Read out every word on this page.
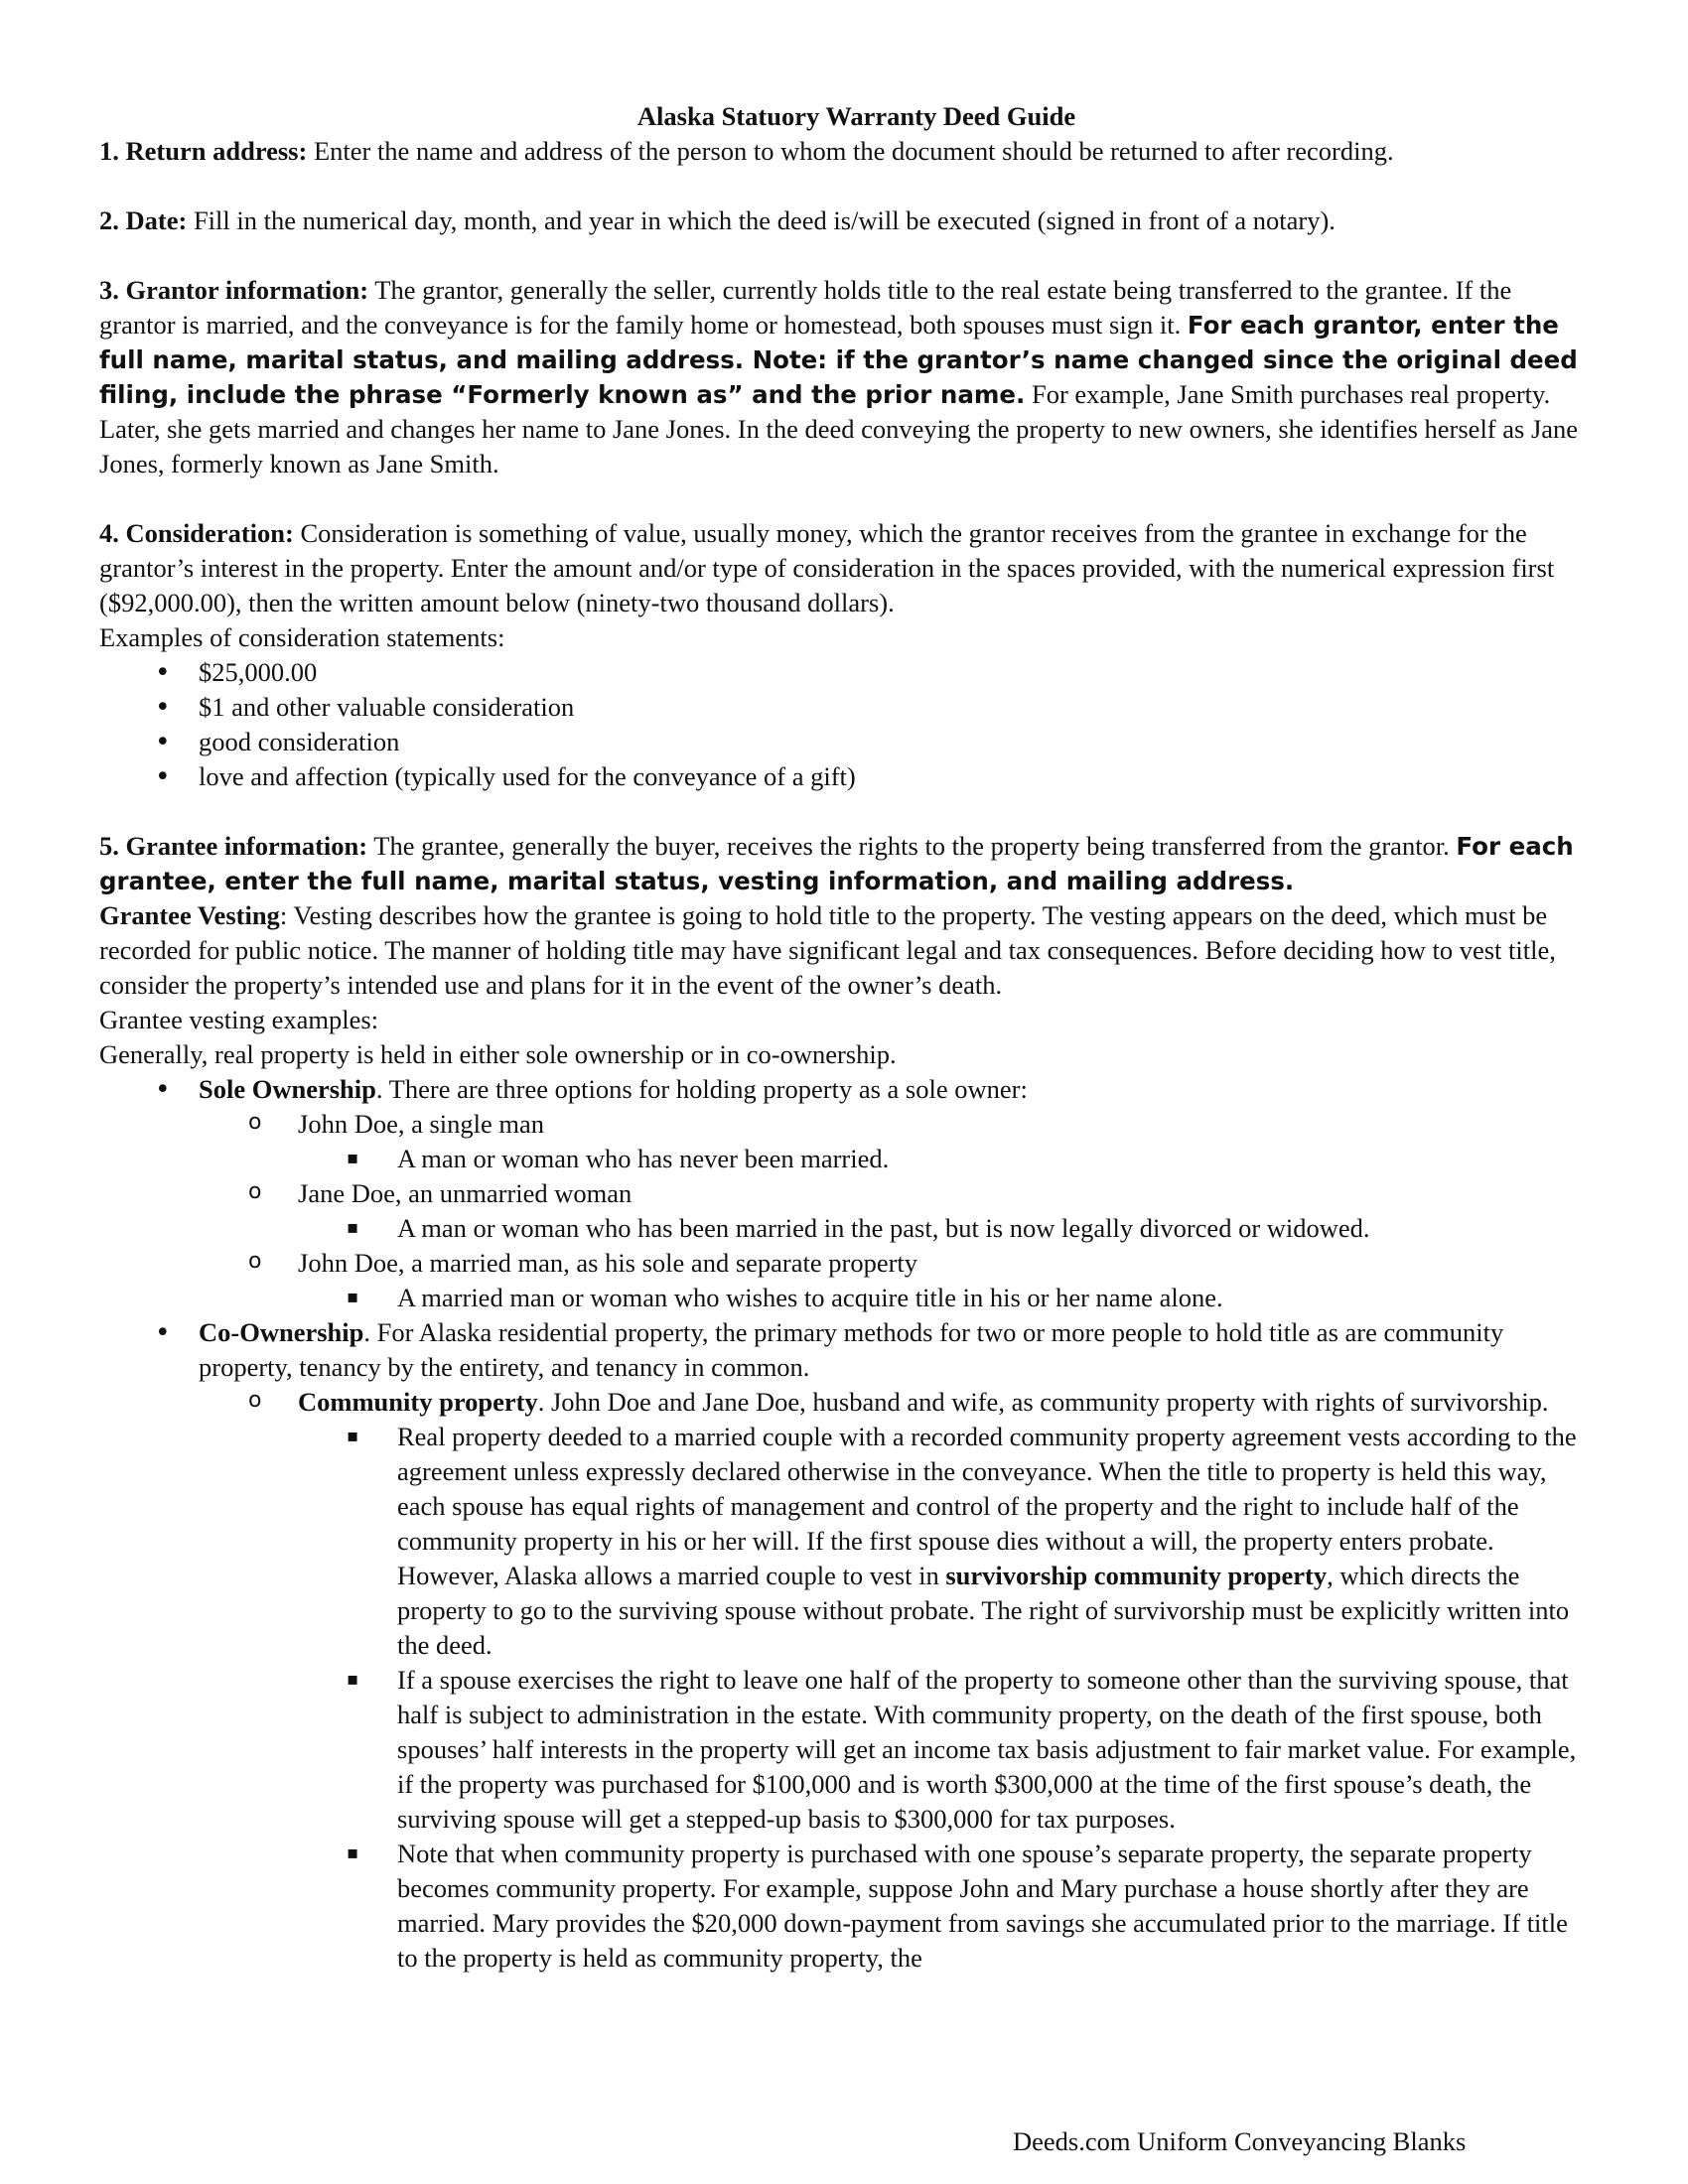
Alaska Statuory Warranty Deed Guide

1. Return address: Enter the name and address of the person to whom the document should be returned to after recording.

2. Date: Fill in the numerical day, month, and year in which the deed is/will be executed (signed in front of a notary).

3. Grantor information: The grantor, generally the seller, currently holds title to the real estate being transferred to the grantee. If the grantor is married, and the conveyance is for the family home or homestead, both spouses must sign it. For each grantor, enter the full name, marital status, and mailing address. Note: if the grantor’s name changed since the original deed filing, include the phrase “Formerly known as” and the prior name. For example, Jane Smith purchases real property. Later, she gets married and changes her name to Jane Jones. In the deed conveying the property to new owners, she identifies herself as Jane Jones, formerly known as Jane Smith.

4. Consideration: Consideration is something of value, usually money, which the grantor receives from the grantee in exchange for the grantor’s interest in the property. Enter the amount and/or type of consideration in the spaces provided, with the numerical expression first ($92,000.00), then the written amount below (ninety-two thousand dollars).

Examples of consideration statements:

• $25,000.00
• $1 and other valuable consideration
• good consideration
• love and affection (typically used for the conveyance of a gift)

5. Grantee information: The grantee, generally the buyer, receives the rights to the property being transferred from the grantor. For each grantee, enter the full name, marital status, vesting information, and mailing address.

Grantee Vesting: Vesting describes how the grantee is going to hold title to the property. The vesting appears on the deed, which must be recorded for public notice. The manner of holding title may have significant legal and tax consequences. Before deciding how to vest title, consider the property’s intended use and plans for it in the event of the owner’s death.

Grantee vesting examples:

Generally, real property is held in either sole ownership or in co-ownership.

• Sole Ownership. There are three options for holding property as a sole owner:
o John Doe, a single man
▪ A man or woman who has never been married.
o Jane Doe, an unmarried woman
▪ A man or woman who has been married in the past, but is now legally divorced or widowed.
o John Doe, a married man, as his sole and separate property
▪ A married man or woman who wishes to acquire title in his or her name alone.
• Co-Ownership. For Alaska residential property, the primary methods for two or more people to hold title as are community property, tenancy by the entirety, and tenancy in common.
o Community property. John Doe and Jane Doe, husband and wife, as community property with rights of survivorship.
▪ Real property deeded to a married couple with a recorded community property agreement vests according to the agreement unless expressly declared otherwise in the conveyance. When the title to property is held this way, each spouse has equal rights of management and control of the property and the right to include half of the community property in his or her will. If the first spouse dies without a will, the property enters probate. However, Alaska allows a married couple to vest in survivorship community property, which directs the property to go to the surviving spouse without probate. The right of survivorship must be explicitly written into the deed.
▪ If a spouse exercises the right to leave one half of the property to someone other than the surviving spouse, that half is subject to administration in the estate. With community property, on the death of the first spouse, both spouses’ half interests in the property will get an income tax basis adjustment to fair market value. For example, if the property was purchased for $100,000 and is worth $300,000 at the time of the first spouse’s death, the surviving spouse will get a stepped-up basis to $300,000 for tax purposes.
▪ Note that when community property is purchased with one spouse’s separate property, the separate property becomes community property. For example, suppose John and Mary purchase a house shortly after they are married. Mary provides the $20,000 down-payment from savings she accumulated prior to the marriage. If title to the property is held as community property, the
Deeds.com Uniform Conveyancing Blanks
